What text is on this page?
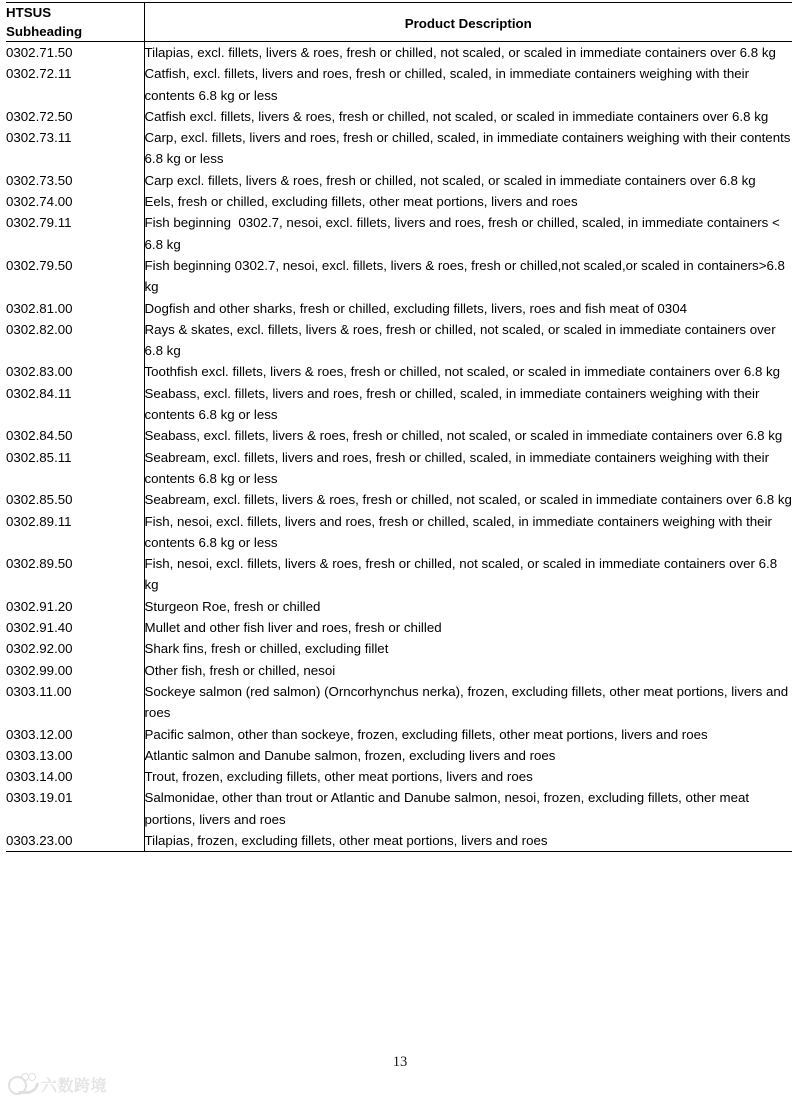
HTSUS
Subheading	Product Description

0302.71.50	Tilapias, excl. fillets, livers & roes, fresh or chilled, not scaled, or scaled in immediate containers over 6.8 kg

0302.72.11	Catfish, excl. fillets, livers and roes, fresh or chilled, scaled, in immediate containers weighing with their contents 6.8 kg or less

0302.72.50	Catfish excl. fillets, livers & roes, fresh or chilled, not scaled, or scaled in immediate containers over 6.8 kg

0302.73.11	Carp, excl. fillets, livers and roes, fresh or chilled, scaled, in immediate containers weighing with their contents 6.8 kg or less

0302.73.50	Carp excl. fillets, livers & roes, fresh or chilled, not scaled, or scaled in immediate containers over 6.8 kg

0302.74.00	Eels, fresh or chilled, excluding fillets, other meat portions, livers and roes

0302.79.11	Fish beginning  0302.7, nesoi, excl. fillets, livers and roes, fresh or chilled, scaled, in immediate containers < 6.8 kg

0302.79.50	Fish beginning 0302.7, nesoi, excl. fillets, livers & roes, fresh or chilled,not scaled,or scaled in containers>6.8 kg

0302.81.00	Dogfish and other sharks, fresh or chilled, excluding fillets, livers, roes and fish meat of 0304

0302.82.00	Rays & skates, excl. fillets, livers & roes, fresh or chilled, not scaled, or scaled in immediate containers over 6.8 kg

0302.83.00	Toothfish excl. fillets, livers & roes, fresh or chilled, not scaled, or scaled in immediate containers over 6.8 kg

0302.84.11	Seabass, excl. fillets, livers and roes, fresh or chilled, scaled, in immediate containers weighing with their contents 6.8 kg or less

0302.84.50	Seabass, excl. fillets, livers & roes, fresh or chilled, not scaled, or scaled in immediate containers over 6.8 kg

0302.85.11	Seabream, excl. fillets, livers and roes, fresh or chilled, scaled, in immediate containers weighing with their contents 6.8 kg or less

0302.85.50	Seabream, excl. fillets, livers & roes, fresh or chilled, not scaled, or scaled in immediate containers over 6.8 kg

0302.89.11	Fish, nesoi, excl. fillets, livers and roes, fresh or chilled, scaled, in immediate containers weighing with their contents 6.8 kg or less

0302.89.50	Fish, nesoi, excl. fillets, livers & roes, fresh or chilled, not scaled, or scaled in immediate containers over 6.8 kg

0302.91.20	Sturgeon Roe, fresh or chilled

0302.91.40	Mullet and other fish liver and roes, fresh or chilled

0302.92.00	Shark fins, fresh or chilled, excluding fillet

0302.99.00	Other fish, fresh or chilled, nesoi

0303.11.00	Sockeye salmon (red salmon) (Orncorhynchus nerka), frozen, excluding fillets, other meat portions, livers and roes

0303.12.00	Pacific salmon, other than sockeye, frozen, excluding fillets, other meat portions, livers and roes

0303.13.00	Atlantic salmon and Danube salmon, frozen, excluding livers and roes

0303.14.00	Trout, frozen, excluding fillets, other meat portions, livers and roes

0303.19.01	Salmonidae, other than trout or Atlantic and Danube salmon, nesoi, frozen, excluding fillets, other meat portions, livers and roes

0303.23.00	Tilapias, frozen, excluding fillets, other meat portions, livers and roes
13
六数跨境
